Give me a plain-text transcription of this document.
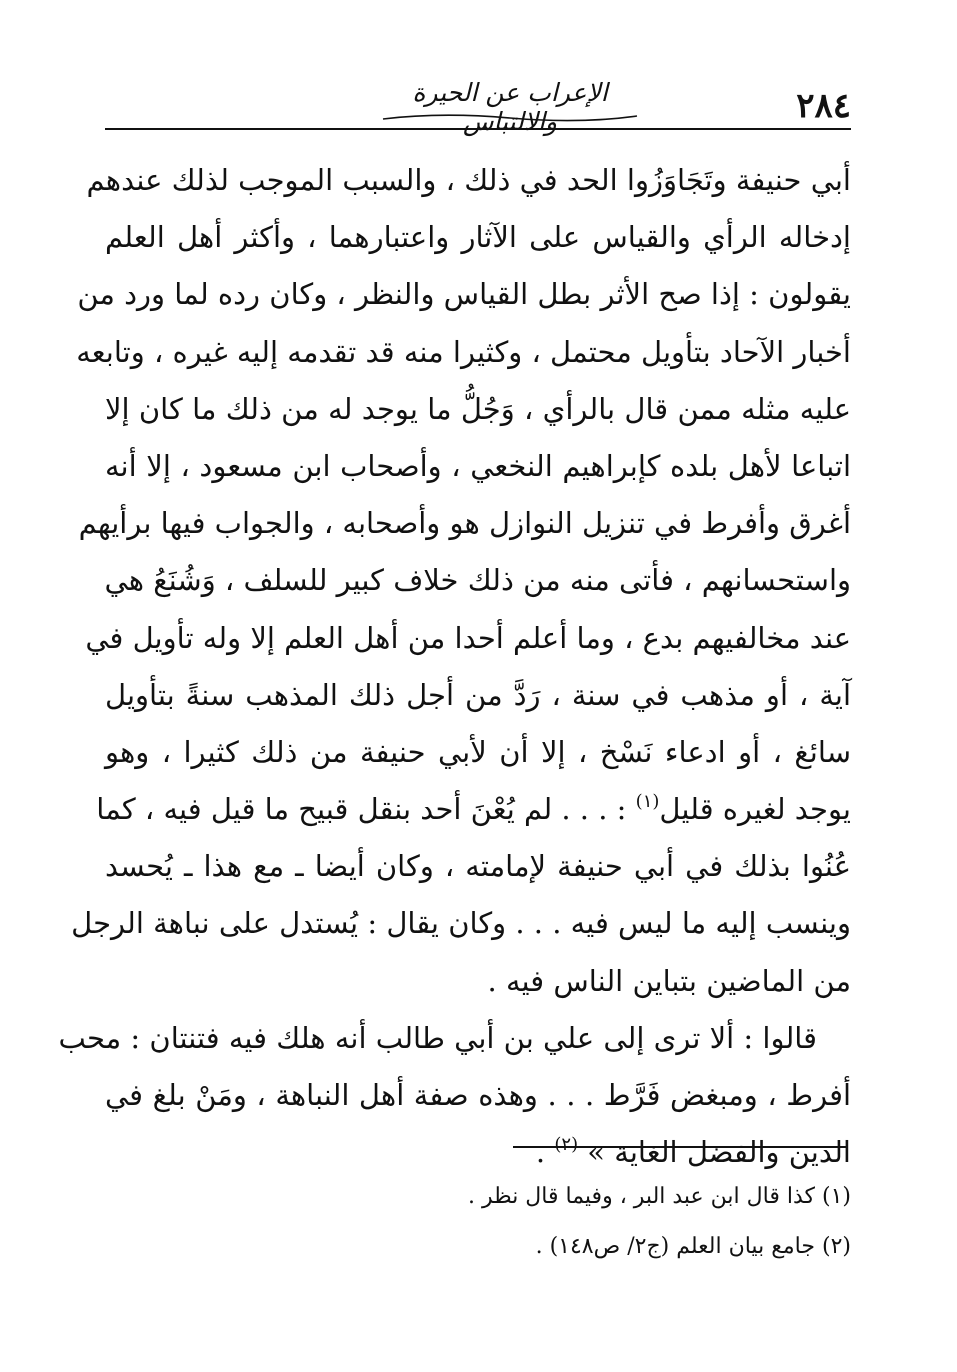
الإعراب عن الحيرة والالتباس	٢٨٤
أبي حنيفة وتَجَاوَزُوا الحد في ذلك ، والسبب الموجب لذلك عندهم
إدخاله الرأي والقياس على الآثار واعتبارهما ، وأكثر أهل العلم
يقولون : إذا صح الأثر بطل القياس والنظر ، وكان رده لما ورد من
أخبار الآحاد بتأويل محتمل ، وكثيرا منه قد تقدمه إليه غيره ، وتابعه
عليه مثله ممن قال بالرأي ، وَجُلُّ ما يوجد له من ذلك ما كان إلا
اتباعا لأهل بلده كإبراهيم النخعي ، وأصحاب ابن مسعود ، إلا أنه
أغرق وأفرط في تنزيل النوازل هو وأصحابه ، والجواب فيها برأيهم
واستحسانهم ، فأتى منه من ذلك خلاف كبير للسلف ، وَشُنَعُ هي
عند مخالفيهم بدع ، وما أعلم أحدا من أهل العلم إلا وله تأويل في
آية ، أو مذهب في سنة ، رَدَّ من أجل ذلك المذهب سنةً بتأويل
سائغ ، أو ادعاء نَسْخ ، إلا أن لأبي حنيفة من ذلك كثيرا ، وهو
يوجد لغيره قليل$^{(١)}$ : . . . لم يُعْنَ أحد بنقل قبيح ما قيل فيه ، كما
عُنُوا بذلك في أبي حنيفة لإمامته ، وكان أيضا ـ مع هذا ـ يُحسد
وينسب إليه ما ليس فيه . . . وكان يقال : يُستدل على نباهة الرجل
من الماضين بتباين الناس فيه .
قالوا : ألا ترى إلى علي بن أبي طالب أنه هلك فيه فتنتان : محب
أفرط ، ومبغض فَرَّط . . . وهذه صفة أهل النباهة ، ومَنْ بلغ في
الدين والفضل الغاية » $^{(٢)}$ .
(١) كذا قال ابن عبد البر ، وفيما قال نظر .
(٢) جامع بيان العلم (ج٢/ ص١٤٨) .
